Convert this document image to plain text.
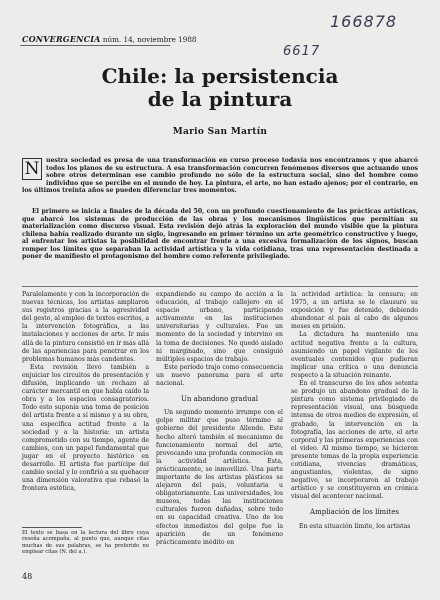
166878
6617
CONVERGENCIA núm. 14, noviembre 1988
Chile: la persistencia
de la pintura
Mario San Martín
N	uestra sociedad es presa de una transformación en curso proceso todavía nos encontramos y que abarcó todos los planos de su estructura. A esa transformación concurren fenómenos diversos que actuando unos sobre otros determinan ese cambio profundo no sólo de la estructura social, sino del hombre como individuo que se percibe en el mundo de hoy. La pintura, el arte, no han estado ajenos; por el contrario, en los últimos treinta años se pueden diferenciar tres momentos.
El primero se inicia a finales de la década del 50, con un profundo cuestionamiento de las prácticas artísticas, que abarcó los sistemas de producción de las obras y los mecanismos lingüísticos que permitían su materialización como discurso visual. Esta revisión dejó atrás la exploración del mundo visible que la pintura chilena había realizado durante un siglo, ingresando en primer término un arte geométrico constructivo y luego, al enfrentar los artistas la posibilidad de encontrar frente a una excesiva formalización de los signos, buscan romper los límites que separaban la actividad artística y la vida cotidiana, tras una representación destinada a poner de manifiesto el protagonismo del hombre como referente privilegiado.

Paralelamente y con la incorporación de nuevas técnicas, los artistas ampliaron sus registros gracias a la agresividad del gesto, al empleo de textos escritos, a la intervención fotográfica, a las instalaciones y acciones de arte. Ir más allá de la pintura consistió en ir más allá de las apariencias para penetrar en los problemas humanos más candentes.

Esta revisión llevó también a enjuiciar los circuitos de presentación y difusión, implicando un rechazo al carácter mercantil en que había caído la obra y a los espacios consagratorios. Todo esto suponía una toma de posición del artista frente a sí mismo y a su obra, una específica actitud frente a la sociedad y a la historia: un artista comprometido con su tiempo, agente de cambios, con un papel fundamental que jugar en el proyecto histórico en desarrollo. El artista fue partícipe del cambio social y lo confirió a su quehacer una dimensión valorativa que rebasó la frontera estética,

expandiendo su campo de acción a la educación, al trabajo callejero en el espacio urbano, participando activamente en las instituciones universitarias y culturales. Fue un momento de la sociedad y intervino en la toma de decisiones. No quedó aislado ni marginado, sino que consiguió múltiples espacios de trabajo.

Este período trajo como consecuencia un nuevo panorama para el arte nacional.

Un abandono gradual

Un segundo momento irrumpe con el golpe militar que puso término al gobierno del presidente Allende. Este hecho alteró también el mecanismo de funcionamiento normal del arte, provocando una profunda conmoción en la actividad artística. Esta, prácticamente, se inmovilizó. Una parte importante de los artistas plásticos se alejaron del país, voluntaria u obligatoriamente. Las universidades, los museos, todas las instituciones culturales fueron dañadas, sobre todo en su capacidad creativa. Uno de los efectos inmediatos del golpe fue la aparición de un fenómeno prácticamente inédito en

la actividad artística: la censura; en 1975, a un artista se le clausuró su exposición y fue detenido, debiendo abandonar el país al cabo de algunos meses en prisión.

La dictadura ha mantenido una actitud negativa frente a la cultura, asumiendo un papel vigilante de los eventuales contenidos que pudieran implicar una crítica o una denuncia respecto a la situación reinante.

En el transcurso de los años setenta se produjo un abandono gradual de la pintura como sistema privilegiado de representación visual, una búsqueda intensa de otros medios de expresión, el grabado, la intervención en la fotografía, las acciones de arte, el arte corporal y las primeras experiencias con el video. Al mismo tiempo, se hicieron presente temas de la propia experiencia cotidiana, vivencias dramáticas, angustiantes, violentas, de signo negativo, se incorporaron al trabajo artístico y se constituyeron en crónica visual del acontecer nacional.

Ampliación de los límites

En esta situación límite, los artistas

El texto se basa en la lectura del libro cuya reseña acompaña, al punto que, aunque citas muchas de sus palabras, se ha preferido no emplear citas (N. del a.).
48
